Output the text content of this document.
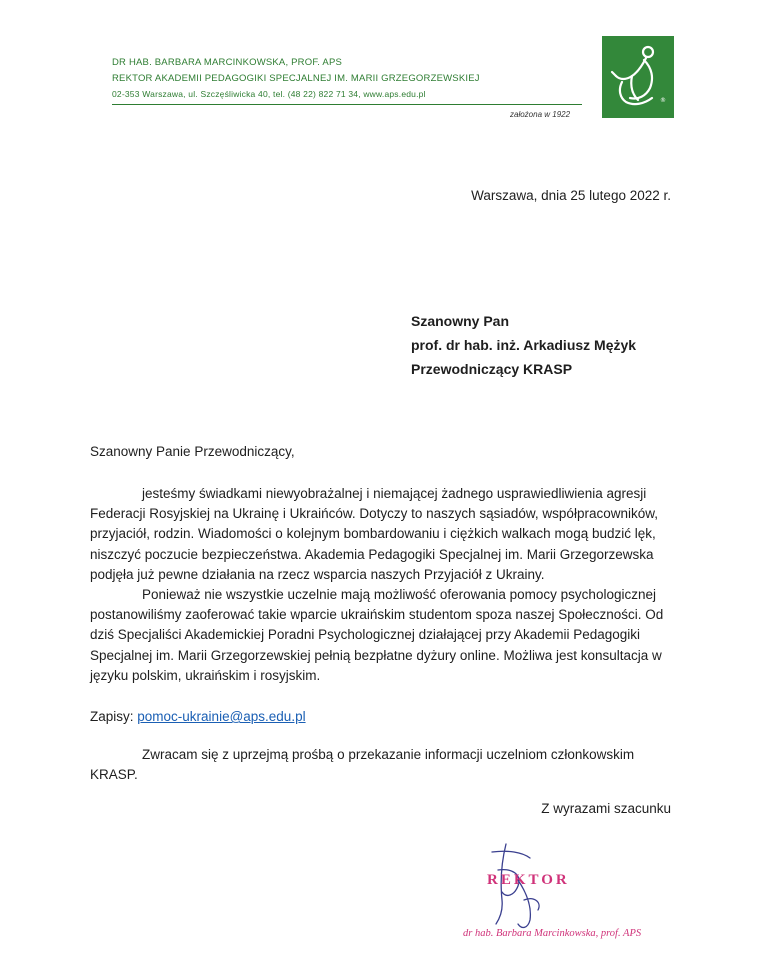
DR HAB. BARBARA MARCINKOWSKA, PROF. APS
REKTOR AKADEMII PEDAGOGIKI SPECJALNEJ IM. MARII GRZEGORZEWSKIEJ
02-353 Warszawa, ul. Szczęśliwicka 40, tel. (48 22) 822 71 34, www.aps.edu.pl
założona w 1922
®
Warszawa, dnia 25 lutego 2022 r.
Szanowny Pan
prof. dr hab. inż. Arkadiusz Mężyk
Przewodniczący KRASP
Szanowny Panie Przewodniczący,

jesteśmy świadkami niewyobrażalnej i niemającej żadnego usprawiedliwienia agresji Federacji Rosyjskiej na Ukrainę i Ukraińców. Dotyczy to naszych sąsiadów, współpracowników, przyjaciół, rodzin. Wiadomości o kolejnym bombardowaniu i ciężkich walkach mogą budzić lęk, niszczyć poczucie bezpieczeństwa. Akademia Pedagogiki Specjalnej im. Marii Grzegorzewska podjęła już pewne działania na rzecz wsparcia naszych Przyjaciół z Ukrainy.

Ponieważ nie wszystkie uczelnie mają możliwość oferowania pomocy psychologicznej postanowiliśmy zaoferować takie wparcie ukraińskim studentom spoza naszej Społeczności. Od dziś Specjaliści Akademickiej Poradni Psychologicznej działającej przy Akademii Pedagogiki Specjalnej im. Marii Grzegorzewskiej pełnią bezpłatne dyżury online. Możliwa jest konsultacja w języku polskim, ukraińskim i rosyjskim.

Zapisy: pomoc-ukrainie@aps.edu.pl

Zwracam się z uprzejmą prośbą o przekazanie informacji uczelniom członkowskim KRASP.

Z wyrazami szacunku
REKTOR
dr hab. Barbara Marcinkowska, prof. APS
